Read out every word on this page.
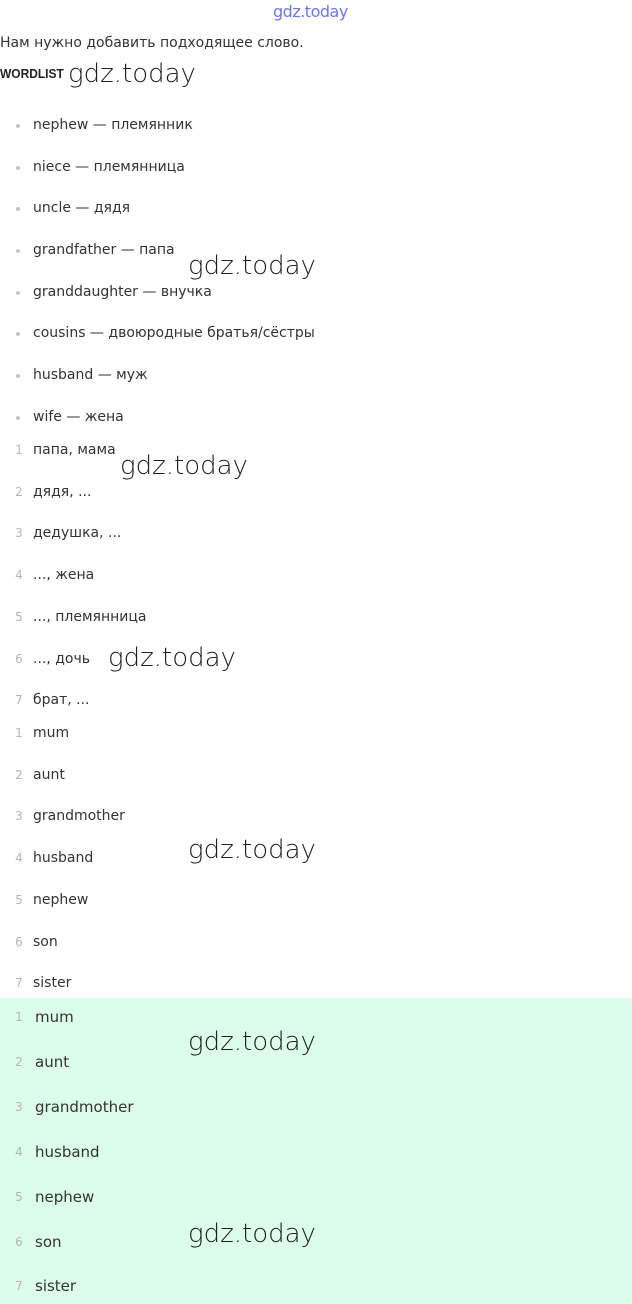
gdz.today
Нам нужно добавить подходящее слово.
WORDLIST
nephew — племянник
niece — племянница
uncle — дядя
grandfather — папа
granddaughter — внучка
cousins — двоюродные братья/сёстры
husband — муж
wife — жена
1 папа, мама
2 дядя, ...
3 дедушка, ...
4 ..., жена
5 ..., племянница
6 ..., дочь
7 брат, ...
1 mum
2 aunt
3 grandmother
4 husband
5 nephew
6 son
7 sister
1 mum
2 aunt
3 grandmother
4 husband
5 nephew
6 son
7 sister
gdz.today
gdz.today
gdz.today
gdz.today
gdz.today
gdz.today
gdz.today
